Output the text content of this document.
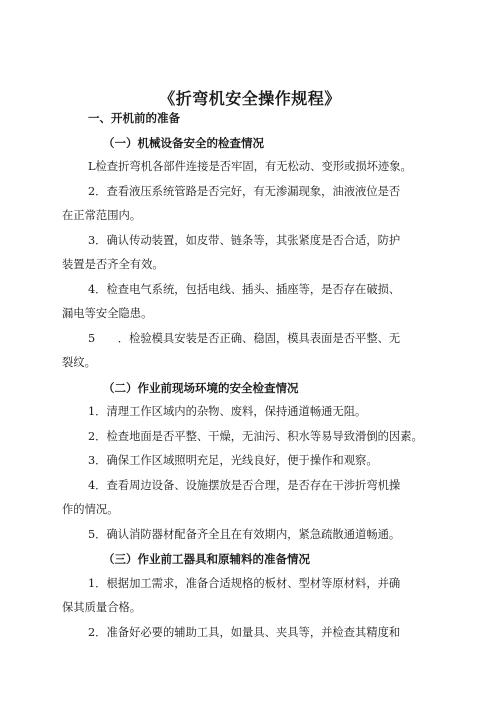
《折弯机安全操作规程》
一、开机前的准备
（一）机械设备安全的检查情况
L检查折弯机各部件连接是否牢固，有无松动、变形或损坏迹象。
2．查看液压系统管路是否完好，有无渗漏现象，油液液位是否
在正常范围内。
3．确认传动装置，如皮带、链条等，其张紧度是否合适，防护
装置是否齐全有效。
4．检查电气系统，包括电线、插头、插座等，是否存在破损、
漏电等安全隐患。
5　　．检验模具安装是否正确、稳固，模具表面是否平整、无
裂纹。
（二）作业前现场环境的安全检查情况
1．清理工作区域内的杂物、废料，保持通道畅通无阻。
2．检查地面是否平整、干燥，无油污、积水等易导致滑倒的因素。
3．确保工作区域照明充足，光线良好，便于操作和观察。
4．查看周边设备、设施摆放是否合理，是否存在干涉折弯机操
作的情况。
5．确认消防器材配备齐全且在有效期内，紧急疏散通道畅通。
（三）作业前工器具和原辅料的准备情况
1．根据加工需求，准备合适规格的板材、型材等原材料，并确
保其质量合格。
2．准备好必要的辅助工具，如量具、夹具等，并检查其精度和
